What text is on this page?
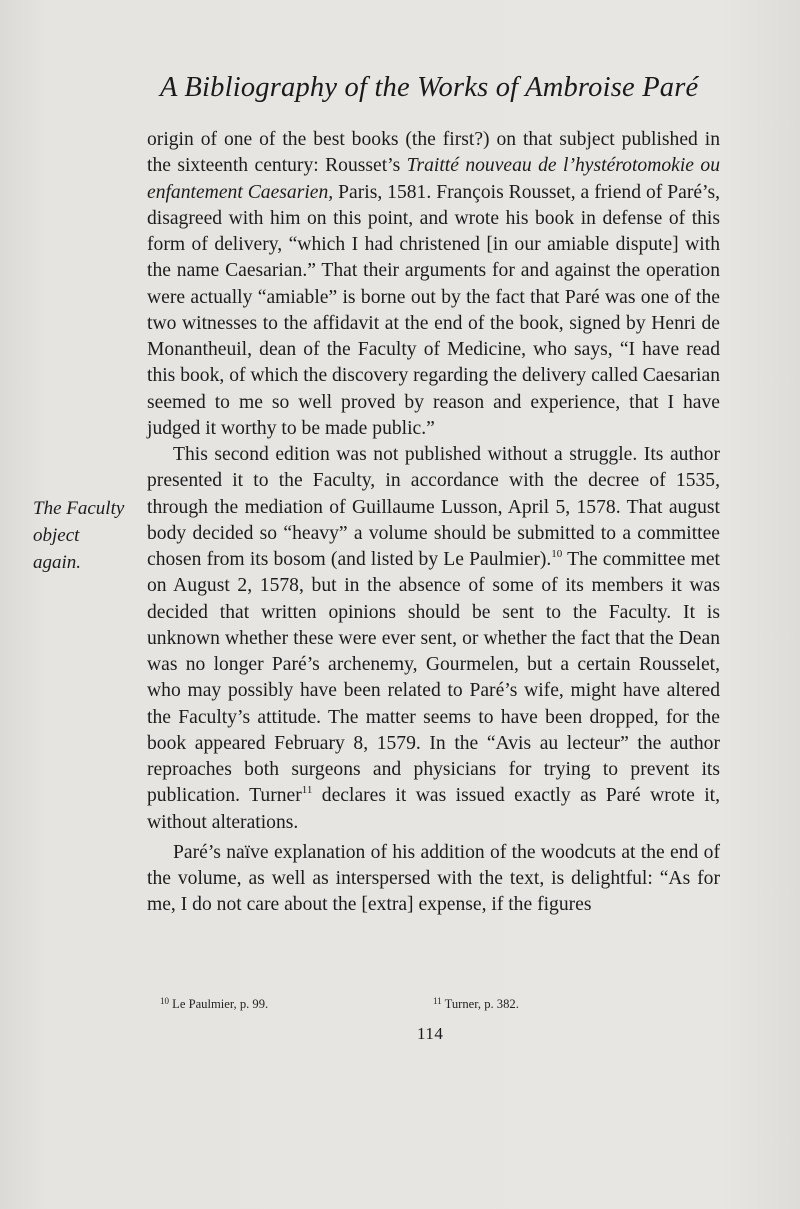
A Bibliography of the Works of Ambroise Paré
The Faculty
object
again.

origin of one of the best books (the first?) on that subject published in the sixteenth century: Rousset’s Traitté nouveau de l’hystérotomokie ou enfantement Caesarien, Paris, 1581. François Rousset, a friend of Paré’s, disagreed with him on this point, and wrote his book in defense of this form of delivery, “which I had christened [in our amiable dispute] with the name Caesarian.” That their arguments for and against the operation were actually “amiable” is borne out by the fact that Paré was one of the two witnesses to the affidavit at the end of the book, signed by Henri de Monantheuil, dean of the Faculty of Medicine, who says, “I have read this book, of which the discovery regarding the delivery called Caesarian seemed to me so well proved by reason and experience, that I have judged it worthy to be made public.”

This second edition was not published without a struggle. Its author presented it to the Faculty, in accordance with the decree of 1535, through the mediation of Guillaume Lusson, April 5, 1578. That august body decided so “heavy” a volume should be submitted to a committee chosen from its bosom (and listed by Le Paulmier).$^{10}$ The committee met on August 2, 1578, but in the absence of some of its members it was decided that written opinions should be sent to the Faculty. It is unknown whether these were ever sent, or whether the fact that the Dean was no longer Paré’s archenemy, Gourmelen, but a certain Rousselet, who may possibly have been related to Paré’s wife, might have altered the Faculty’s attitude. The matter seems to have been dropped, for the book appeared February 8, 1579. In the “Avis au lecteur” the author reproaches both surgeons and physicians for trying to prevent its publication. Turner$^{11}$ declares it was issued exactly as Paré wrote it, without alterations.

Paré’s naïve explanation of his addition of the woodcuts at the end of the volume, as well as interspersed with the text, is delightful: “As for me, I do not care about the [extra] expense, if the figures

$^{10}$ Le Paulmier, p. 99.	$^{11}$ Turner, p. 382.
114
